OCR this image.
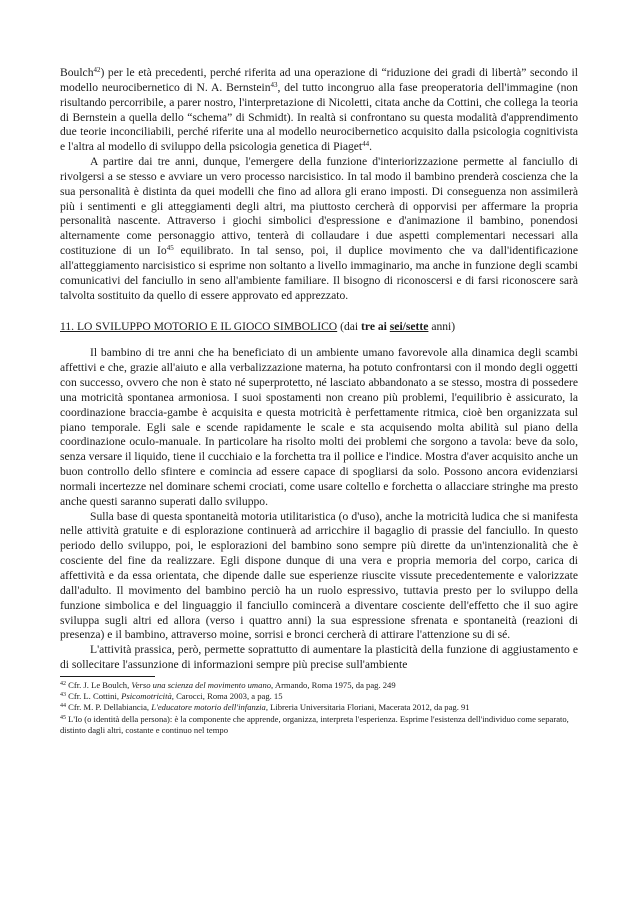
Boulch$^{42}$) per le età precedenti, perché riferita ad una operazione di “riduzione dei gradi di libertà” secondo il modello neurocibernetico di N. A. Bernstein$^{43}$, del tutto incongruo alla fase preoperatoria dell'immagine (non risultando percorribile, a parer nostro, l'interpretazione di Nicoletti, citata anche da Cottini, che collega la teoria di Bernstein a quella dello “schema” di Schmidt). In realtà si confrontano su questa modalità d'apprendimento due teorie inconciliabili, perché riferite una al modello neurocibernetico acquisito dalla psicologia cognitivista e l'altra al modello di sviluppo della psicologia genetica di Piaget$^{44}$.

A partire dai tre anni, dunque, l'emergere della funzione d'interiorizzazione permette al fanciullo di rivolgersi a se stesso e avviare un vero processo narcisistico. In tal modo il bambino prenderà coscienza che la sua personalità è distinta da quei modelli che fino ad allora gli erano imposti. Di conseguenza non assimilerà più i sentimenti e gli atteggiamenti degli altri, ma piuttosto cercherà di opporvisi per affermare la propria personalità nascente. Attraverso i giochi simbolici d'espressione e d'animazione il bambino, ponendosi alternamente come personaggio attivo, tenterà di collaudare i due aspetti complementari necessari alla costituzione di un Io$^{45}$ equilibrato. In tal senso, poi, il duplice movimento che va dall'identificazione all'atteggiamento narcisistico si esprime non soltanto a livello immaginario, ma anche in funzione degli scambi comunicativi del fanciullo in seno all'ambiente familiare. Il bisogno di riconoscersi e di farsi riconoscere sarà talvolta sostituito da quello di essere approvato ed apprezzato.

11. LO SVILUPPO MOTORIO E IL GIOCO SIMBOLICO (dai tre ai sei/sette anni)

Il bambino di tre anni che ha beneficiato di un ambiente umano favorevole alla dinamica degli scambi affettivi e che, grazie all'aiuto e alla verbalizzazione materna, ha potuto confrontarsi con il mondo degli oggetti con successo, ovvero che non è stato né superprotetto, né lasciato abbandonato a se stesso, mostra di possedere una motricità spontanea armoniosa. I suoi spostamenti non creano più problemi, l'equilibrio è assicurato, la coordinazione braccia-gambe è acquisita e questa motricità è perfettamente ritmica, cioè ben organizzata sul piano temporale. Egli sale e scende rapidamente le scale e sta acquisendo molta abilità sul piano della coordinazione oculo-manuale. In particolare ha risolto molti dei problemi che sorgono a tavola: beve da solo, senza versare il liquido, tiene il cucchiaio e la forchetta tra il pollice e l'indice. Mostra d'aver acquisito anche un buon controllo dello sfintere e comincia ad essere capace di spogliarsi da solo. Possono ancora evidenziarsi normali incertezze nel dominare schemi crociati, come usare coltello e forchetta o allacciare stringhe ma presto anche questi saranno superati dallo sviluppo.

Sulla base di questa spontaneità motoria utilitaristica (o d'uso), anche la motricità ludica che si manifesta nelle attività gratuite e di esplorazione continuerà ad arricchire il bagaglio di prassie del fanciullo. In questo periodo dello sviluppo, poi, le esplorazioni del bambino sono sempre più dirette da un'intenzionalità che è cosciente del fine da realizzare. Egli dispone dunque di una vera e propria memoria del corpo, carica di affettività e da essa orientata, che dipende dalle sue esperienze riuscite vissute precedentemente e valorizzate dall'adulto. Il movimento del bambino perciò ha un ruolo espressivo, tuttavia presto per lo sviluppo della funzione simbolica e del linguaggio il fanciullo comincerà a diventare cosciente dell'effetto che il suo agire sviluppa sugli altri ed allora (verso i quattro anni) la sua espressione sfrenata e spontaneità (reazioni di presenza) e il bambino, attraverso moine, sorrisi e bronci cercherà di attirare l'attenzione su di sé.

L'attività prassica, però, permette soprattutto di aumentare la plasticità della funzione di aggiustamento e di sollecitare l'assunzione di informazioni sempre più precise sull'ambiente

$^{42}$ Cfr. J. Le Boulch, Verso una scienza del movimento umano, Armando, Roma 1975, da pag. 249

$^{43}$ Cfr. L. Cottini, Psicomotricità, Carocci, Roma 2003, a pag. 15

$^{44}$ Cfr. M. P. Dellabiancia, L'educatore motorio dell'infanzia, Libreria Universitaria Floriani, Macerata 2012, da pag. 91

$^{45}$ L'Io (o identità della persona): è la componente che apprende, organizza, interpreta l'esperienza. Esprime l'esistenza dell'individuo come separato, distinto dagli altri, costante e continuo nel tempo
